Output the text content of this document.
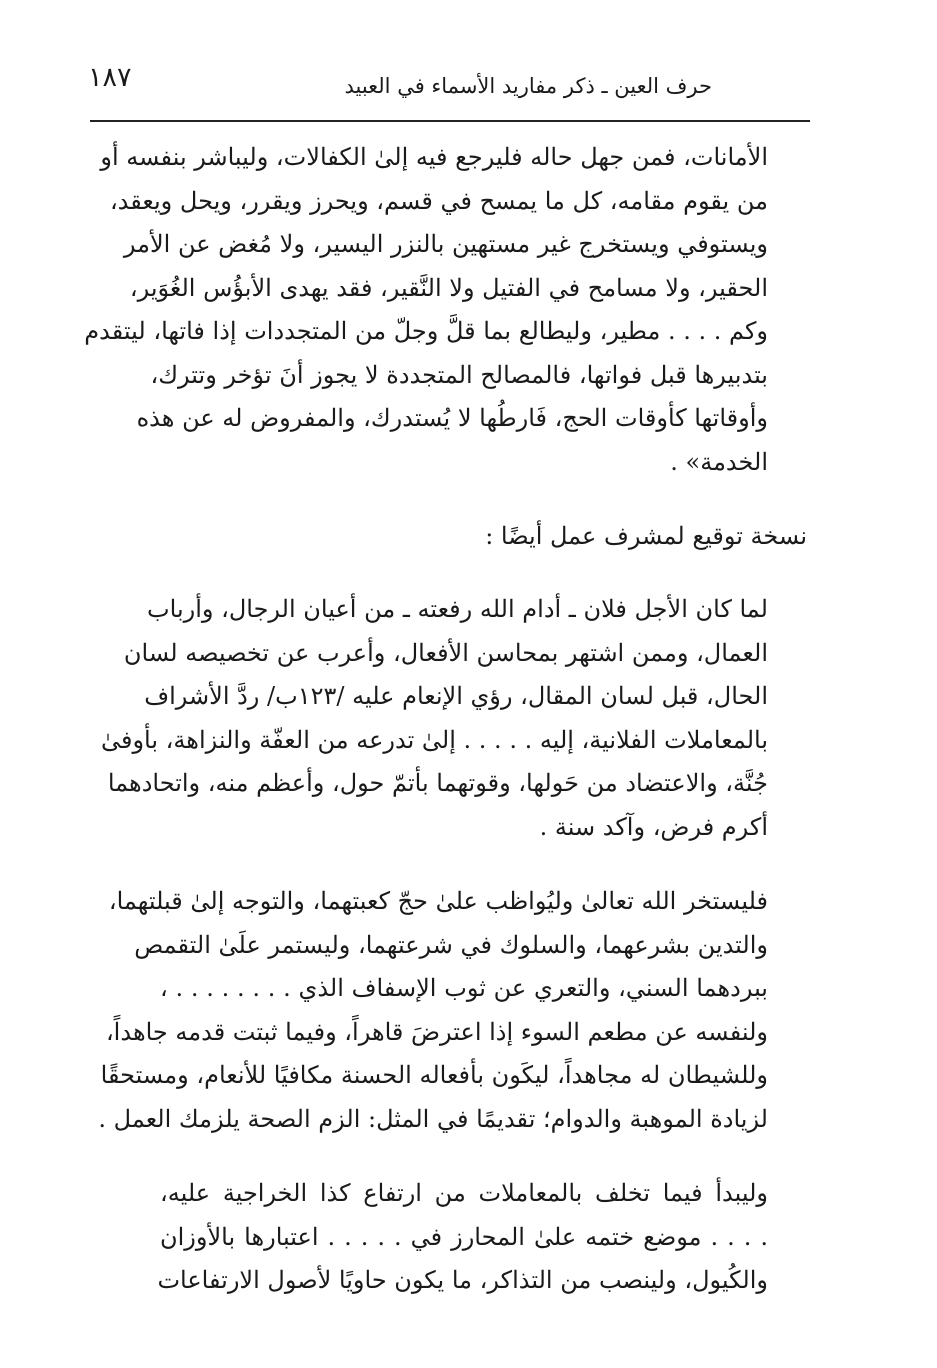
١٨٧	حرف العين ـ ذكر مفاريد الأسماء في العبيد
الأمانات، فمن جهل حاله فليرجع فيه إلىٰ الكفالات، وليباشر بنفسه أو
من يقوم مقامه، كل ما يمسح في قسم، ويحرز ويقرر، ويحل ويعقد،
ويستوفي ويستخرج غير مستهين بالنزر اليسير، ولا مُغض عن الأمر
الحقير، ولا مسامح في الفتيل ولا النَّقير، فقد يهدى الأبؤُس الغُوَير،
وكم . . . . مطير، وليطالع بما قلَّ وجلّ من المتجددات إذا فاتها، ليتقدم
بتدبيرها قبل فواتها، فالمصالح المتجددة لا يجوز أنَ تؤخر وتترك،
وأوقاتها كأوقات الحج، فَارطُها لا يُستدرك، والمفروض له عن هذه
الخدمة» .
نسخة توقيع لمشرف عمل أيضًا :
لما كان الأجل فلان ـ أدام الله رفعته ـ من أعيان الرجال، وأرباب
العمال، وممن اشتهر بمحاسن الأفعال، وأعرب عن تخصيصه لسان
الحال، قبل لسان المقال، رؤي الإنعام عليه /١٢٣ب/ ردَّ الأشراف
بالمعاملات الفلانية، إليه . . . . . إلىٰ تدرعه من العفّة والنزاهة، بأوفىٰ
جُنَّة، والاعتضاد من حَولها، وقوتهما بأتمّ حول، وأعظم منه، واتحادهما
أكرم فرض، وآكد سنة .
فليستخر الله تعالىٰ وليُواظب علىٰ حجّ كعبتهما، والتوجه إلىٰ قبلتهما،
والتدين بشرعهما، والسلوك في شرعتهما، وليستمر علَىٰ التقمص
ببردهما السني، والتعري عن ثوب الإسفاف الذي . . . . . . . . ،
ولنفسه عن مطعم السوء إذا اعترضَ قاهراً، وفيما ثبتت قدمه جاهداً،
وللشيطان له مجاهداً، ليكَون بأفعاله الحسنة مكافيًا للأنعام، ومستحقًا
لزيادة الموهبة والدوام؛ تقديمًا في المثل: الزم الصحة يلزمك العمل .
وليبدأ فيما تخلف بالمعاملات من ارتفاع كذا الخراجية عليه،
. . . . موضع ختمه علىٰ المحارز في . . . . . اعتبارها بالأوزان
والكُيول، ولينصب من التذاكر، ما يكون حاويًا لأصول الارتفاعات
